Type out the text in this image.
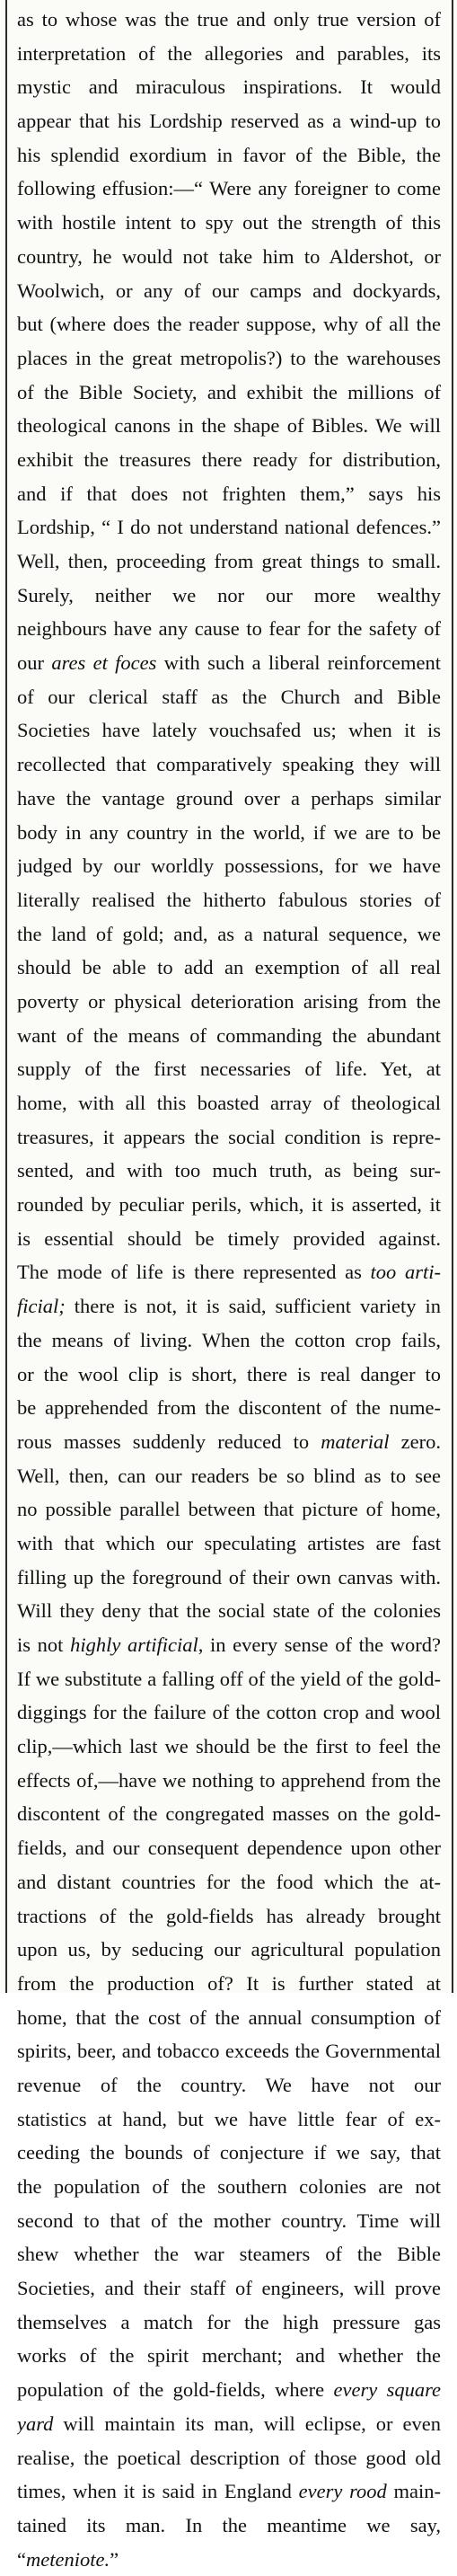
as to whose was the true and only true version of
interpretation of the allegories and parables, its
mystic and miraculous inspirations. It would
appear that his Lordship reserved as a wind-up to
his splendid exordium in favor of the Bible, the
following effusion:—“ Were any foreigner to come
with hostile intent to spy out the strength of this
country, he would not take him to Aldershot, or
Woolwich, or any of our camps and dockyards,
but (where does the reader suppose, why of all the
places in the great metropolis?) to the warehouses
of the Bible Society, and exhibit the millions of
theological canons in the shape of Bibles. We will
exhibit the treasures there ready for distribution,
and if that does not frighten them,” says his
Lordship, “ I do not understand national defences.”
Well, then, proceeding from great things to small.
Surely, neither we nor our more wealthy
neighbours have any cause to fear for the safety of
our ares et foces with such a liberal reinforcement
of our clerical staff as the Church and Bible
Societies have lately vouchsafed us; when it is
recollected that comparatively speaking they will
have the vantage ground over a perhaps similar
body in any country in the world, if we are to be
judged by our worldly possessions, for we have
literally realised the hitherto fabulous stories of
the land of gold; and, as a natural sequence, we
should be able to add an exemption of all real
poverty or physical deterioration arising from the
want of the means of commanding the abundant
supply of the first necessaries of life. Yet, at
home, with all this boasted array of theological
treasures, it appears the social condition is repre-
sented, and with too much truth, as being sur-
rounded by peculiar perils, which, it is asserted, it
is essential should be timely provided against.
The mode of life is there represented as too arti-
ficial; there is not, it is said, sufficient variety in
the means of living. When the cotton crop fails,
or the wool clip is short, there is real danger to
be apprehended from the discontent of the nume-
rous masses suddenly reduced to material zero.
Well, then, can our readers be so blind as to see
no possible parallel between that picture of home,
with that which our speculating artistes are fast
filling up the foreground of their own canvas with.
Will they deny that the social state of the colonies
is not highly artificial, in every sense of the word?
If we substitute a falling off of the yield of the gold-
diggings for the failure of the cotton crop and wool
clip,—which last we should be the first to feel the
effects of,—have we nothing to apprehend from the
discontent of the congregated masses on the gold-
fields, and our consequent dependence upon other
and distant countries for the food which the at-
tractions of the gold-fields has already brought
upon us, by seducing our agricultural population
from the production of? It is further stated at
home, that the cost of the annual consumption of
spirits, beer, and tobacco exceeds the Governmental
revenue of the country. We have not our
statistics at hand, but we have little fear of ex-
ceeding the bounds of conjecture if we say, that
the population of the southern colonies are not
second to that of the mother country. Time will
shew whether the war steamers of the Bible
Societies, and their staff of engineers, will prove
themselves a match for the high pressure gas
works of the spirit merchant; and whether the
population of the gold-fields, where every square
yard will maintain its man, will eclipse, or even
realise, the poetical description of those good old
times, when it is said in England every rood main-
tained its man. In the meantime we say,
“meteniote.”
